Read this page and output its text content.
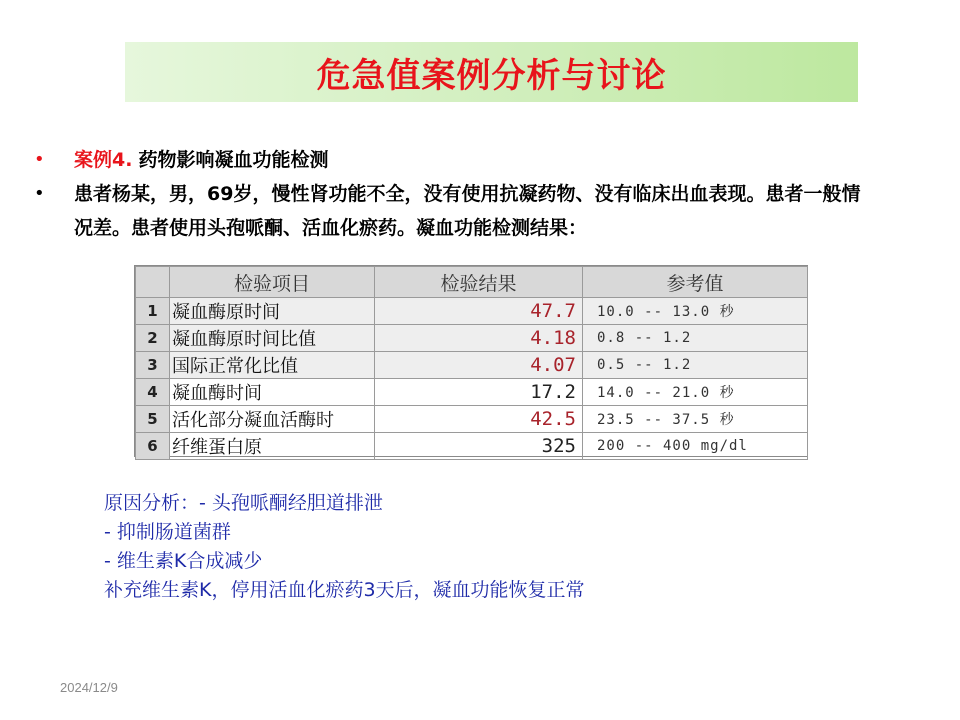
危急值案例分析与讨论
•	案例4. 药物影响凝血功能检测
•	患者杨某，男，69岁，慢性肾功能不全，没有使用抗凝药物、没有临床出血表现。患者一般情况差。患者使用头孢哌酮、活血化瘀药。凝血功能检测结果：
	检验项目	检验结果	参考值
1	凝血酶原时间	47.7	10.0 -- 13.0 秒
2	凝血酶原时间比值	4.18	0.8 -- 1.2
3	国际正常化比值	4.07	0.5 -- 1.2
4	凝血酶时间	17.2	14.0 -- 21.0 秒
5	活化部分凝血活酶时	42.5	23.5 -- 37.5 秒
6	纤维蛋白原	325	200 -- 400 mg/dl
原因分析：- 头孢哌酮经胆道排泄
- 抑制肠道菌群
- 维生素K合成减少
补充维生素K，停用活血化瘀药3天后，凝血功能恢复正常
2024/12/9
